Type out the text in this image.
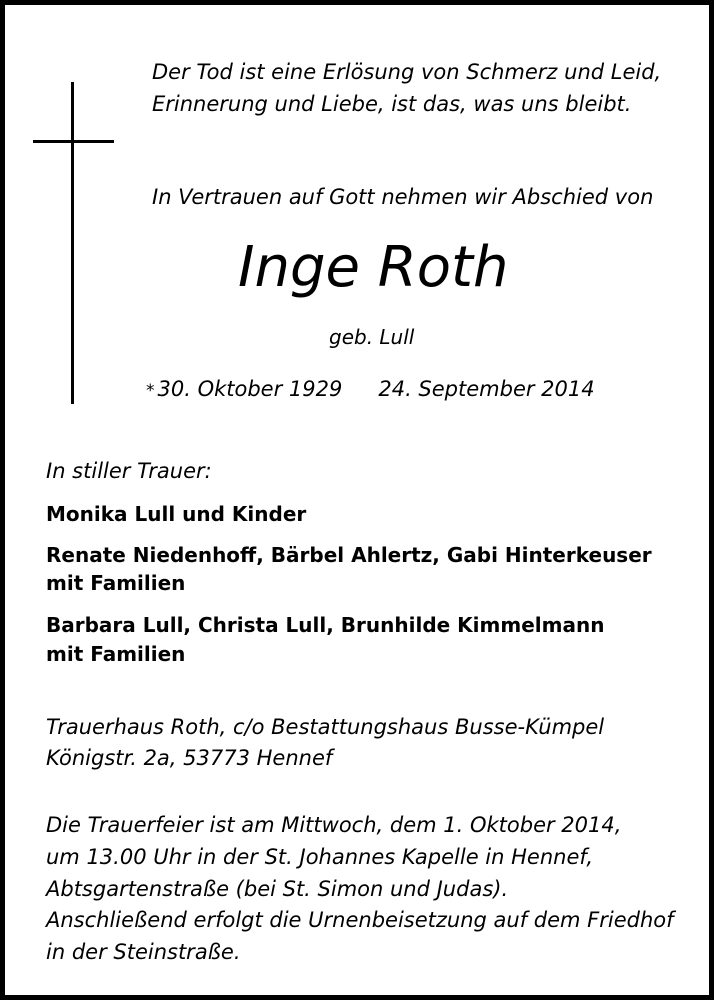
Der Tod ist eine Erlösung von Schmerz und Leid,

Erinnerung und Liebe, ist das, was uns bleibt.

In Vertrauen auf Gott nehmen wir Abschied von

Inge Roth

geb. Lull

* 30. Oktober 1929 24. September 2014

In stiller Trauer:

Monika Lull und Kinder

Renate Niedenhoff, Bärbel Ahlertz, Gabi Hinterkeuser

mit Familien

Barbara Lull, Christa Lull, Brunhilde Kimmelmann

mit Familien

Trauerhaus Roth, c/o Bestattungshaus Busse-Kümpel

Königstr. 2a, 53773 Hennef

Die Trauerfeier ist am Mittwoch, dem 1. Oktober 2014,

um 13.00 Uhr in der St. Johannes Kapelle in Hennef,

Abtsgartenstraße (bei St. Simon und Judas).

Anschließend erfolgt die Urnenbeisetzung auf dem Friedhof

in der Steinstraße.
